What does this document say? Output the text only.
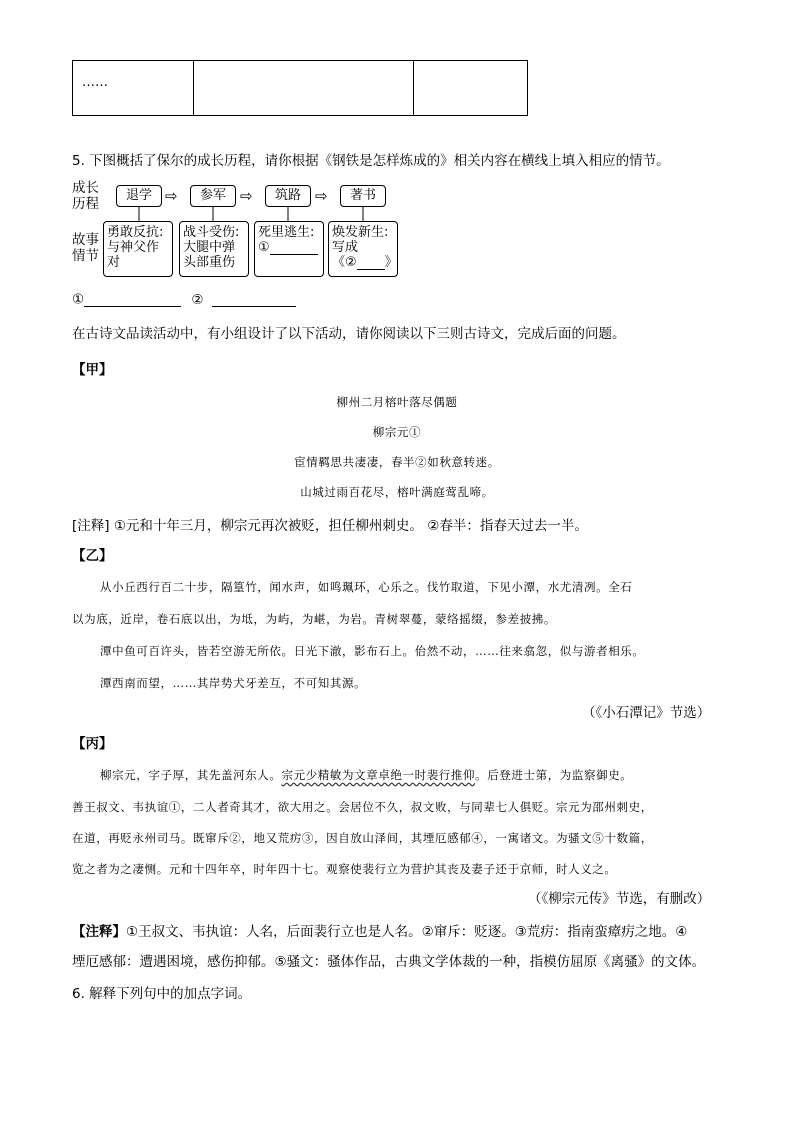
……

5. 下图概括了保尔的成长历程，请你根据《钢铁是怎样炼成的》相关内容在横线上填入相应的情节。
成长
历程
故事
情节
退学 ⇨	参军 ⇨	筑路 ⇨	著书
勇敢反抗:
与神父作
对
战斗受伤:
大腿中弹
头部重伤
死里逃生:
①
焕发新生:
写成
《② 》
①	②
在古诗文品读活动中，有小组设计了以下活动，请你阅读以下三则古诗文，完成后面的问题。
【甲】
柳州二月榕叶落尽偶题
柳宗元①
宦情羁思共凄凄，春半②如秋意转迷。
山城过雨百花尽，榕叶满庭莺乱啼。
[注释] ①元和十年三月，柳宗元再次被贬，担任柳州刺史。 ②春半：指春天过去一半。
【乙】
从小丘西行百二十步，隔篁竹，闻水声，如鸣珮环，心乐之。伐竹取道，下见小潭，水尤清冽。全石
以为底，近岸，卷石底以出，为坻，为屿，为嵁，为岩。青树翠蔓，蒙络摇缀，参差披拂。
潭中鱼可百许头，皆若空游无所依。日光下澈，影布石上。佁然不动，……往来翕忽，似与游者相乐。
潭西南而望，……其岸势犬牙差互，不可知其源。
（《小石潭记》节选）
【丙】
柳宗元，字子厚，其先盖河东人。宗元少精敏为文章卓绝一时裴行推仰。后登进士第，为监察御史。
善王叔文、韦执谊①，二人者奇其才，欲大用之。会居位不久，叔文败，与同辈七人俱贬。宗元为邵州刺史，
在道，再贬永州司马。既窜斥②，地又荒疠③，因自放山泽间，其堙厄感郁④，一寓诸文。为骚文⑤十数篇，
览之者为之凄恻。元和十四年卒，时年四十七。观察使裴行立为营护其丧及妻子还于京师，时人义之。
（《柳宗元传》节选，有删改）
【注释】①王叔文、韦执谊：人名，后面裴行立也是人名。②窜斥：贬逐。③荒疠：指南蛮瘴疠之地。④
堙厄感郁：遭遇困境，感伤抑郁。⑤骚文：骚体作品，古典文学体裁的一种，指模仿屈原《离骚》的文体。
6. 解释下列句中的加点字词。
